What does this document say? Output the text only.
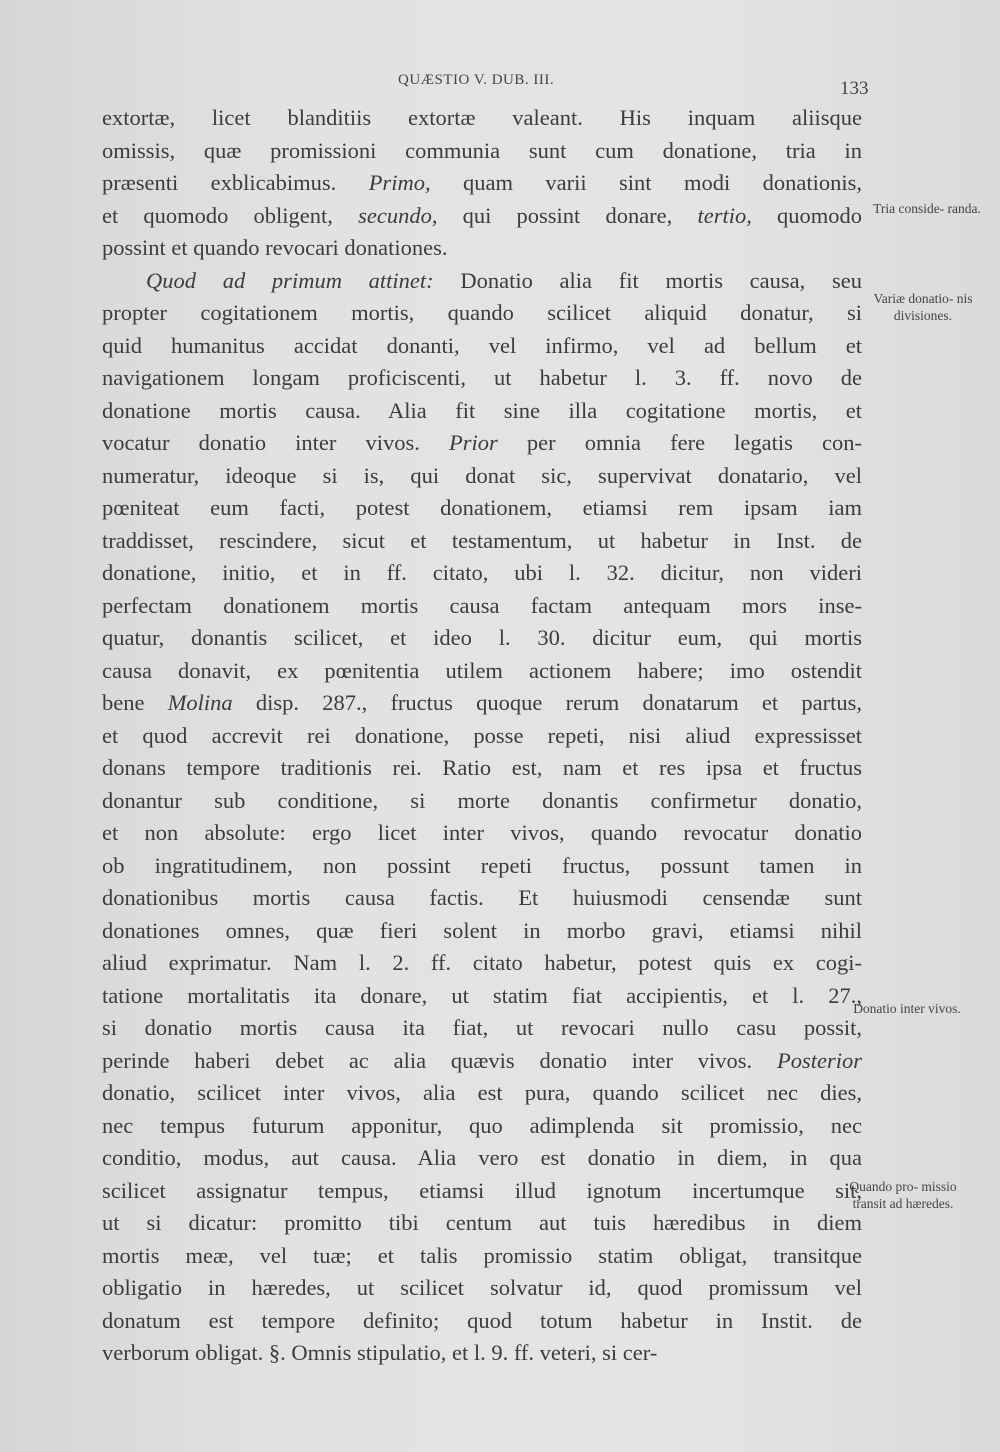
QUÆSTIO V. DUB. III.	133
extortæ, licet blanditiis extortæ valeant. His inquam aliisque
omissis, quæ promissioni communia sunt cum donatione, tria in
præsenti exblicabimus. Primo, quam varii sint modi donationis,
et quomodo obligent, secundo, qui possint donare, tertio, quomodo
possint et quando revocari donationes.
Quod ad primum attinet: Donatio alia fit mortis causa, seu
propter cogitationem mortis, quando scilicet aliquid donatur, si
quid humanitus accidat donanti, vel infirmo, vel ad bellum et
navigationem longam proficiscenti, ut habetur l. 3. ff. novo de
donatione mortis causa. Alia fit sine illa cogitatione mortis, et
vocatur donatio inter vivos. Prior per omnia fere legatis con-
numeratur, ideoque si is, qui donat sic, supervivat donatario, vel
pœniteat eum facti, potest donationem, etiamsi rem ipsam iam
traddisset, rescindere, sicut et testamentum, ut habetur in Inst. de
donatione, initio, et in ff. citato, ubi l. 32. dicitur, non videri
perfectam donationem mortis causa factam antequam mors inse-
quatur, donantis scilicet, et ideo l. 30. dicitur eum, qui mortis
causa donavit, ex pœnitentia utilem actionem habere; imo ostendit
bene Molina disp. 287., fructus quoque rerum donatarum et partus,
et quod accrevit rei donatione, posse repeti, nisi aliud expressisset
donans tempore traditionis rei. Ratio est, nam et res ipsa et fructus
donantur sub conditione, si morte donantis confirmetur donatio,
et non absolute: ergo licet inter vivos, quando revocatur donatio
ob ingratitudinem, non possint repeti fructus, possunt tamen in
donationibus mortis causa factis. Et huiusmodi censendæ sunt
donationes omnes, quæ fieri solent in morbo gravi, etiamsi nihil
aliud exprimatur. Nam l. 2. ff. citato habetur, potest quis ex cogi-
tatione mortalitatis ita donare, ut statim fiat accipientis, et l. 27.,
si donatio mortis causa ita fiat, ut revocari nullo casu possit,
perinde haberi debet ac alia quævis donatio inter vivos. Posterior
donatio, scilicet inter vivos, alia est pura, quando scilicet nec dies,
nec tempus futurum apponitur, quo adimplenda sit promissio, nec
conditio, modus, aut causa. Alia vero est donatio in diem, in qua
scilicet assignatur tempus, etiamsi illud ignotum incertumque sit,
ut si dicatur: promitto tibi centum aut tuis hæredibus in diem
mortis meæ, vel tuæ; et talis promissio statim obligat, transitque
obligatio in hæredes, ut scilicet solvatur id, quod promissum vel
donatum est tempore definito; quod totum habetur in Instit. de
verborum obligat. §. Omnis stipulatio, et l. 9. ff. veteri, si cer-
Tria conside- randa.
Variæ donatio- nis divisiones.
Donatio inter vivos.
Quando pro- missio transit ad hæredes.
